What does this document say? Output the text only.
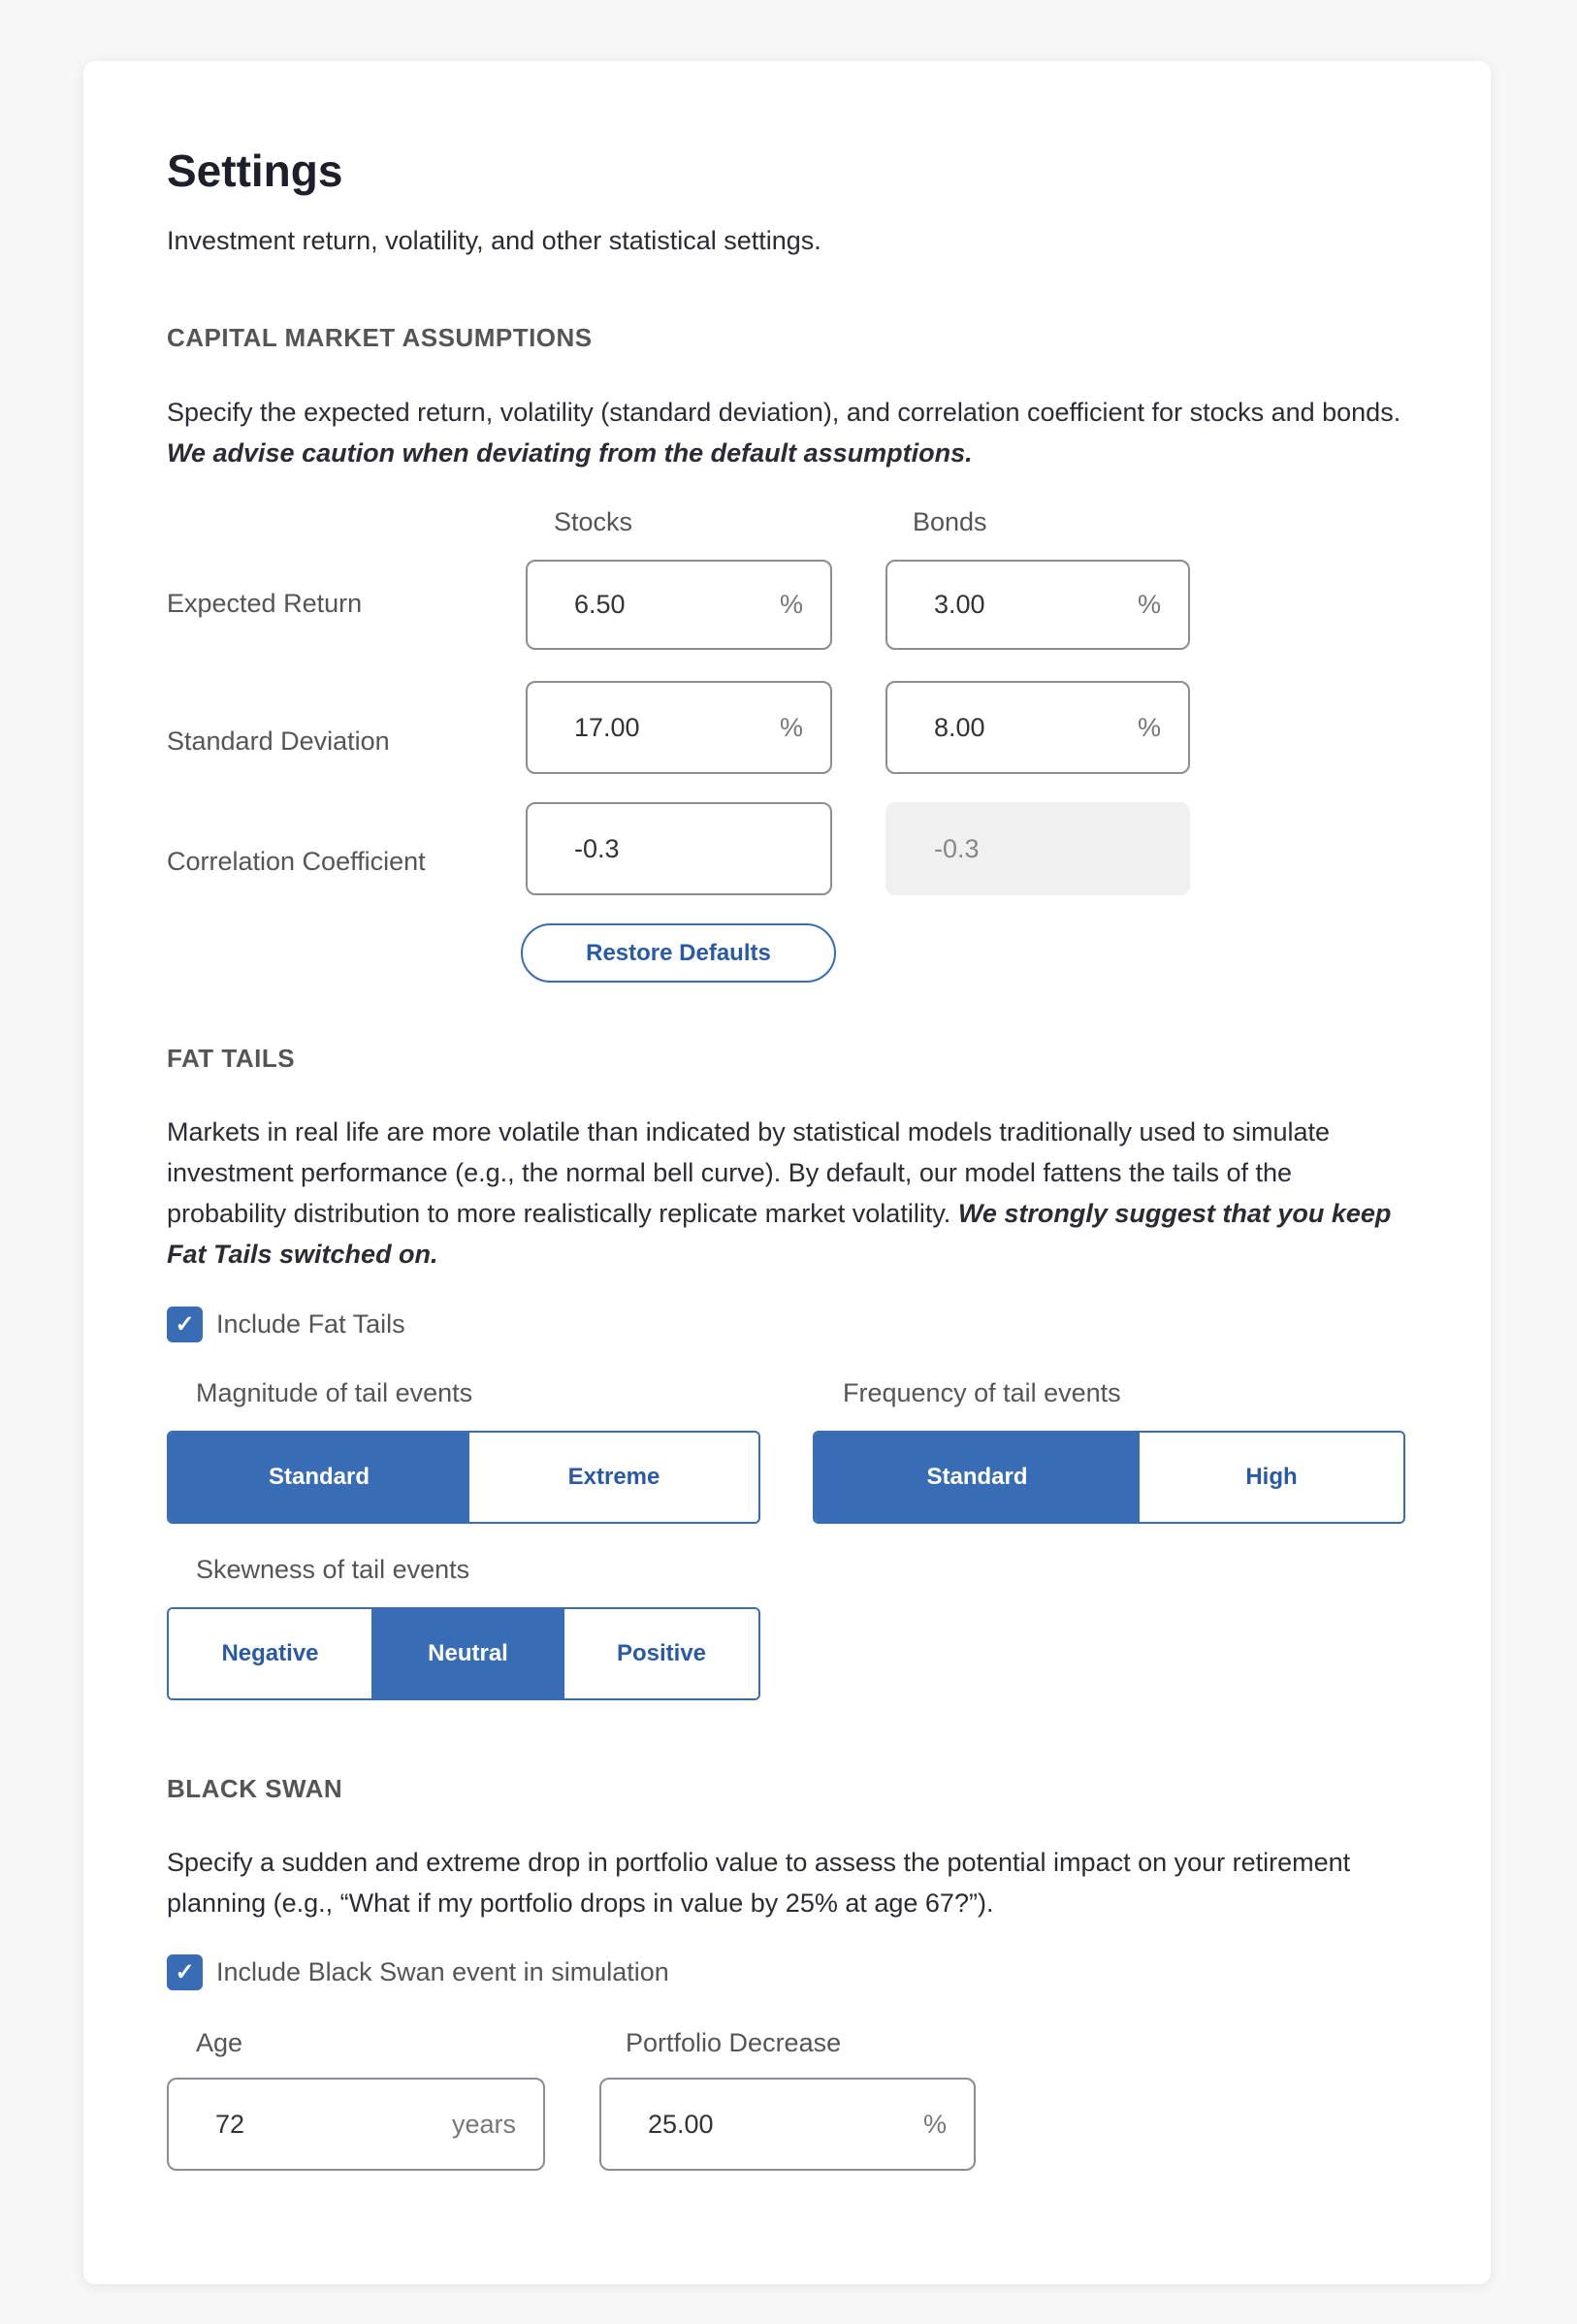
Settings
Investment return, volatility, and other statistical settings.
CAPITAL MARKET ASSUMPTIONS
Specify the expected return, volatility (standard deviation), and correlation coefficient for stocks and bonds. We advise caution when deviating from the default assumptions.
Stocks	Bonds
Expected Return	6.50	%	3.00	%
Standard Deviation	17.00	%	8.00	%
Correlation Coefficient	-0.3	-0.3
Restore Defaults
FAT TAILS
Markets in real life are more volatile than indicated by statistical models traditionally used to simulate investment performance (e.g., the normal bell curve). By default, our model fattens the tails of the probability distribution to more realistically replicate market volatility. We strongly suggest that you keep Fat Tails switched on.
✓ Include Fat Tails
Magnitude of tail events
Standard	Extreme
Frequency of tail events
Standard	High
Skewness of tail events
Negative	Neutral	Positive
BLACK SWAN
Specify a sudden and extreme drop in portfolio value to assess the potential impact on your retirement planning (e.g., “What if my portfolio drops in value by 25% at age 67?”).
✓ Include Black Swan event in simulation
Age
72	years
Portfolio Decrease
25.00	%
